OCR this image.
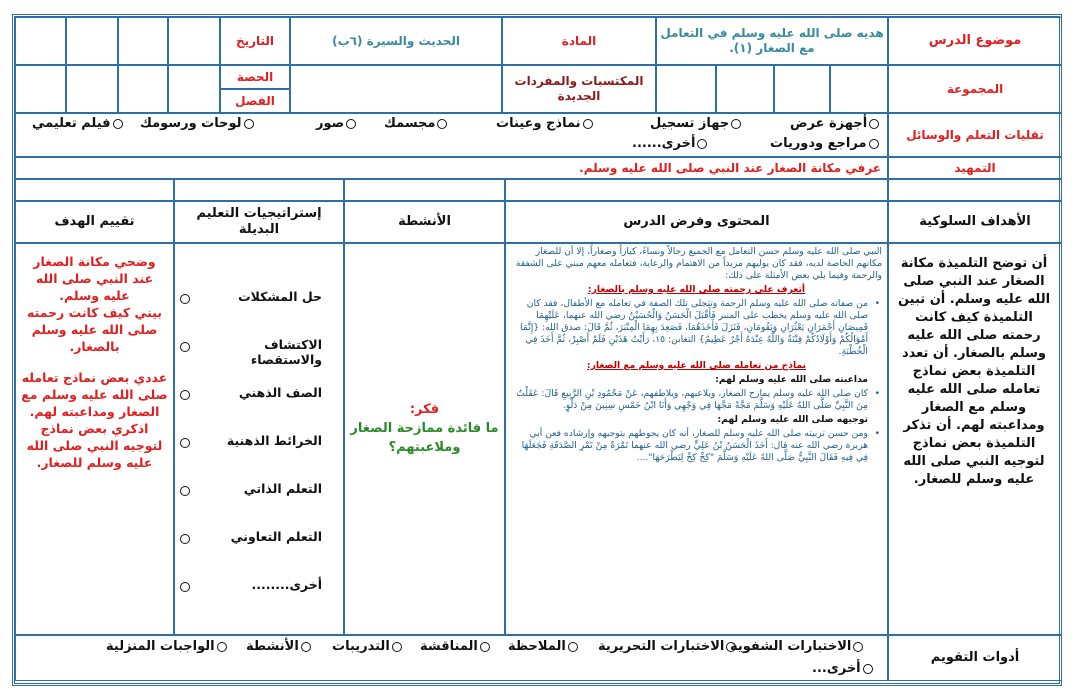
موضوع الدرس
هديه صلى الله عليه وسلم في التعامل مع الصغار (١).
المادة
الحديث والسيرة (٦ب)
التاريخ
المجموعة
المكتسبات والمفردات الجديدة
الحصة
الفصل
تقليات التعلم والوسائل
أجهزة عرض
جهاز تسجيل
نماذج وعينات
مجسمك
صور
لوحات ورسومك
فيلم تعليمي
مراجع ودوريات
أخرى......
التمهيد
عرفي مكانة الصغار عند النبي صلى الله عليه وسلم.
الأهداف السلوكية
المحتوى وفرض الدرس
الأنشطة
إستراتيجيات التعليم البديلة
تقييم الهدف
أن توضح التلميذة مكانة الصغار عند النبي صلى الله عليه وسلم. أن تبين التلميذة كيف كانت رحمته صلى الله عليه وسلم بالصغار. أن تعدد التلميذة بعض نماذج تعامله صلى الله عليه وسلم مع الصغار ومداعبته لهم. أن تذكر التلميذة بعض نماذج لتوجيه النبي صلى الله عليه وسلم للصغار.
النبي صلى الله عليه وسلم حسن التعامل مع الجميع رجالاً ونساءً، كباراً وصغاراً، إلا أن للصغار مكانهم الخاصة لديه، فقد كان يوليهم مزيداً من الاهتمام والرعاية، فتعامله معهم مبني على الشفقة والرحمة وفيما يلي بعض الأمثلة على ذلك:
أتعرف على رحمته صلى الله عليه وسلم بالصغار:
• من صفاته صلى الله عليه وسلم الرحمة وتتجلى تلك الصفة في تعامله مع الأطفال، فقد كان صلى الله عليه وسلم يخطب على المنبر فَأَقْبَلَ الْحَسَنُ وَالْحُسَيْنُ رضي الله عنهما، عَلَيْهِمَا قَمِيصَانِ أَحْمَرَانِ يَعْثُرَانِ وَيَقُومَانِ، فَنَزَلَ فَأَخَذَهُمَا، فَصَعِدَ بِهِمَا الْمِنْبَرَ، ثُمَّ قَالَ: صدق الله: {إِنَّمَا أَمْوَالُكُمْ وَأَوْلَادُكُمْ فِتْنَةٌ وَاللَّهُ عِنْدَهُ أَجْرٌ عَظِيمٌ} التغابن: ١٥، رَأَيْتُ هَذَيْنِ فَلَمْ أَصْبِرْ، ثُمَّ أَخَذَ فِي الْخُطْبَةِ.
نماذج من تعامله صلى الله عليه وسلم مع الصغار:
مداعبته صلى الله عليه وسلم لهم:
• كان صلى الله عليه وسلم يمازح الصغار، ويلاعبهم، ويلاطفهم، عَنْ مَحْمُودِ بْنِ الرَّبِيعِ قَالَ: عَقَلْتُ مِنَ النَّبِيِّ صَلَّى اللهُ عَلَيْهِ وَسَلَّمَ مَجَّةً مَجَّهَا فِي وَجْهِي وَأَنَا ابْنُ خَمْسِ سِنِينَ مِنْ دَلْوٍ.
توجيهه صلى الله عليه وسلم لهم:
• ومن حسن تربيته صلى الله عليه وسلم للصغار، أنه كان يحوطهم بتوجيهه وإرشاده فعن أبي هريرة رضي الله عنه قال: أَخَذَ الْحَسَنُ بْنُ عَلِيٍّ رضي الله عنهما تَمْرَةً مِنْ تَمْرِ الصَّدَقَةِ فَجَعَلَهَا فِي فِيهِ فَقَالَ النَّبِيُّ صَلَّى اللهُ عَلَيْهِ وَسَلَّمَ "كِخْ كِخْ لِيَطْرَحَهَا"....
فكر:
ما فائدة ممازحة الصغار وملاعبتهم؟
حل المشكلات
الاكتشاف والاستقصاء
الصف الذهني
الخرائط الذهنية
التعلم الذاتي
التعلم التعاوني
أخرى........
وضحي مكانة الصغار عند النبي صلى الله عليه وسلم.
بيني كيف كانت رحمته صلى الله عليه وسلم بالصغار.
عددي بعض نماذج تعامله صلى الله عليه وسلم مع الصغار ومداعبته لهم.
اذكري بعض نماذج لتوجيه النبي صلى الله عليه وسلم للصغار.
أدوات التقويم
الاختبارات الشفوية
الاختبارات التحريرية
الملاحظة
المناقشة
التدريبات
الأنشطة
الواجبات المنزلية
أخرى...
